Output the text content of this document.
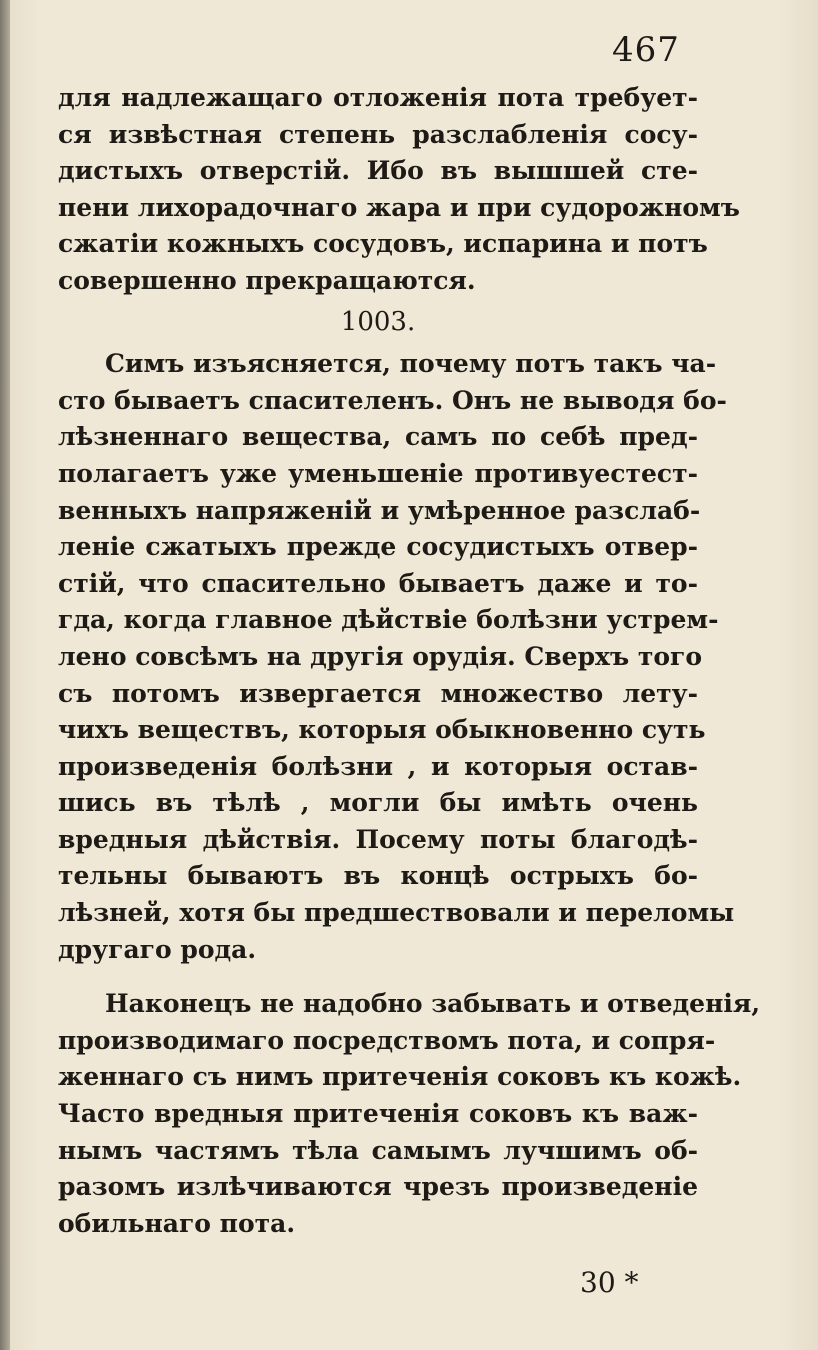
467
для надлежащаго отложенія пота требует-
ся извѣстная степень разслабленія сосу-
дистыхъ отверстій. Ибо въ вышшей сте-
пени лихорадочнаго жара и при судорожномъ
сжатіи кожныхъ сосудовъ, испарина и потъ
совершенно прекращаются.
1003.
Симъ изъясняется, почему потъ такъ ча-
сто бываетъ спасителенъ. Онъ не выводя бо-
лѣзненнаго вещества, самъ по себѣ пред-
полагаетъ уже уменьшеніе противуестест-
венныхъ напряженій и умѣренное разслаб-
леніе сжатыхъ прежде сосудистыхъ отвер-
стій, что спасительно бываетъ даже и то-
гда, когда главное дѣйствіе болѣзни устрем-
лено совсѣмъ на другія орудія. Сверхъ того
съ потомъ извергается множество лету-
чихъ веществъ, которыя обыкновенно суть
произведенія болѣзни , и которыя остав-
шись въ тѣлѣ , могли бы имѣть очень
вредныя дѣйствія. Посему поты благодѣ-
тельны бываютъ въ концѣ острыхъ бо-
лѣзней, хотя бы предшествовали и переломы
другаго рода.
Наконецъ не надобно забывать и отведенія,
производимаго посредствомъ пота, и сопря-
женнаго съ нимъ притеченія соковъ къ кожѣ.
Часто вредныя притеченія соковъ къ важ-
нымъ частямъ тѣла самымъ лучшимъ об-
разомъ излѣчиваются чрезъ произведеніе
обильнаго пота.
30 *
